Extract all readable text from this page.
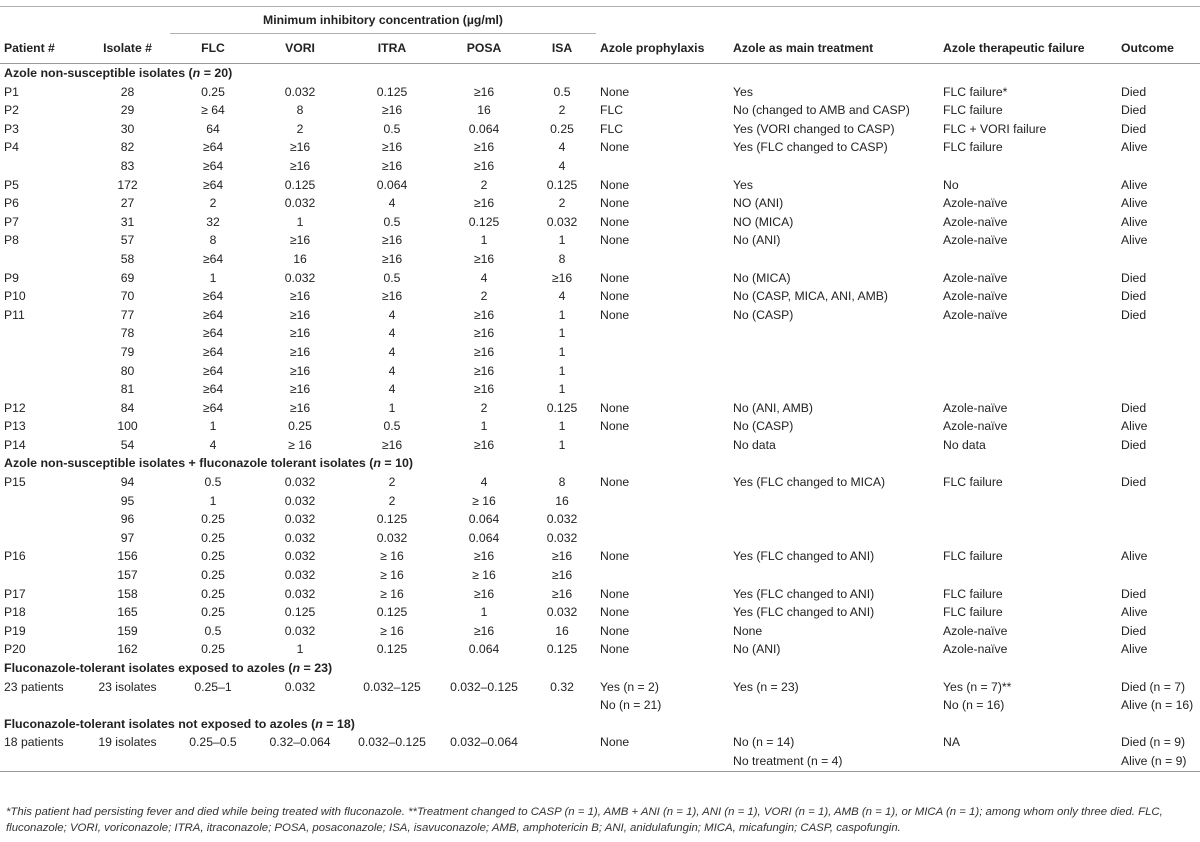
		Minimum inhibitory concentration (µg/ml)								
Patient #	Isolate #	FLC	VORI	ITRA	POSA	ISA	Azole prophylaxis	Azole as main treatment	Azole therapeutic failure	Outcome
Azole non-susceptible isolates (n = 20)										
P1	28	0.25	0.032	0.125	≥16	0.5	None	Yes	FLC failure*	Died
P2	29	≥ 64	8	≥16	16	2	FLC	No (changed to AMB and CASP)	FLC failure	Died
P3	30	64	2	0.5	0.064	0.25	FLC	Yes (VORI changed to CASP)	FLC + VORI failure	Died
P4	82	≥64	≥16	≥16	≥16	4	None	Yes (FLC changed to CASP)	FLC failure	Alive
	83	≥64	≥16	≥16	≥16	4				
P5	172	≥64	0.125	0.064	2	0.125	None	Yes	No	Alive
P6	27	2	0.032	4	≥16	2	None	NO (ANI)	Azole-naïve	Alive
P7	31	32	1	0.5	0.125	0.032	None	NO (MICA)	Azole-naïve	Alive
P8	57	8	≥16	≥16	1	1	None	No (ANI)	Azole-naïve	Alive
	58	≥64	16	≥16	≥16	8				
P9	69	1	0.032	0.5	4	≥16	None	No (MICA)	Azole-naïve	Died
P10	70	≥64	≥16	≥16	2	4	None	No (CASP, MICA, ANI, AMB)	Azole-naïve	Died
P11	77	≥64	≥16	4	≥16	1	None	No (CASP)	Azole-naïve	Died
	78	≥64	≥16	4	≥16	1				
	79	≥64	≥16	4	≥16	1				
	80	≥64	≥16	4	≥16	1				
	81	≥64	≥16	4	≥16	1				
P12	84	≥64	≥16	1	2	0.125	None	No (ANI, AMB)	Azole-naïve	Died
P13	100	1	0.25	0.5	1	1	None	No (CASP)	Azole-naïve	Alive
P14	54	4	≥ 16	≥16	≥16	1		No data	No data	Died
Azole non-susceptible isolates + fluconazole tolerant isolates (n = 10)										
P15	94	0.5	0.032	2	4	8	None	Yes (FLC changed to MICA)	FLC failure	Died
	95	1	0.032	2	≥ 16	16				
	96	0.25	0.032	0.125	0.064	0.032				
	97	0.25	0.032	0.032	0.064	0.032				
P16	156	0.25	0.032	≥ 16	≥16	≥16	None	Yes (FLC changed to ANI)	FLC failure	Alive
	157	0.25	0.032	≥ 16	≥ 16	≥16				
P17	158	0.25	0.032	≥ 16	≥16	≥16	None	Yes (FLC changed to ANI)	FLC failure	Died
P18	165	0.25	0.125	0.125	1	0.032	None	Yes (FLC changed to ANI)	FLC failure	Alive
P19	159	0.5	0.032	≥ 16	≥16	16	None	None	Azole-naïve	Died
P20	162	0.25	1	0.125	0.064	0.125	None	No (ANI)	Azole-naïve	Alive
Fluconazole-tolerant isolates exposed to azoles (n = 23)										
23 patients	23 isolates	0.25–1	0.032	0.032–125	0.032–0.125	0.32	Yes (n = 2)	Yes (n = 23)	Yes (n = 7)**	Died (n = 7)
							No (n = 21)		No (n = 16)	Alive (n = 16)
Fluconazole-tolerant isolates not exposed to azoles (n = 18)										
18 patients	19 isolates	0.25–0.5	0.32–0.064	0.032–0.125	0.032–0.064		None	No (n = 14)	NA	Died (n = 9)
								No treatment (n = 4)		Alive (n = 9)
*This patient had persisting fever and died while being treated with fluconazole. **Treatment changed to CASP (n = 1), AMB + ANI (n = 1), ANI (n = 1), VORI (n = 1), AMB (n = 1), or MICA (n = 1); among whom only three died. FLC, fluconazole; VORI, voriconazole; ITRA, itraconazole; POSA, posaconazole; ISA, isavuconazole; AMB, amphotericin B; ANI, anidulafungin; MICA, micafungin; CASP, caspofungin.
